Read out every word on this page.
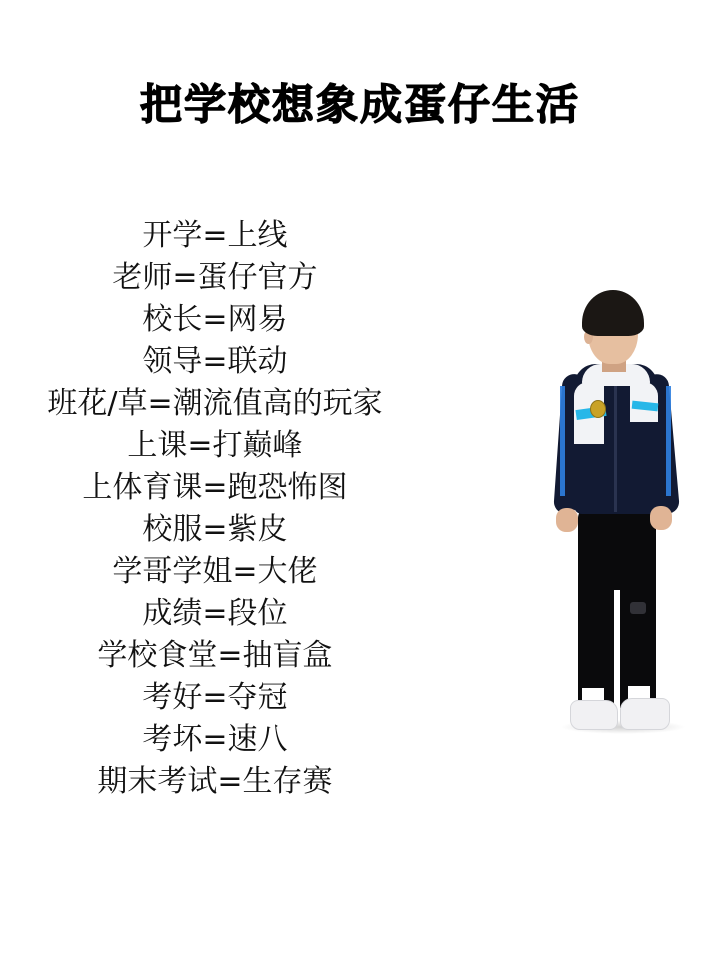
把学校想象成蛋仔生活
开学=上线
老师=蛋仔官方
校长=网易
领导=联动
班花/草=潮流值高的玩家
上课=打巅峰
上体育课=跑恐怖图
校服=紫皮
学哥学姐=大佬
成绩=段位
学校食堂=抽盲盒
考好=夺冠
考坏=速八
期末考试=生存赛
